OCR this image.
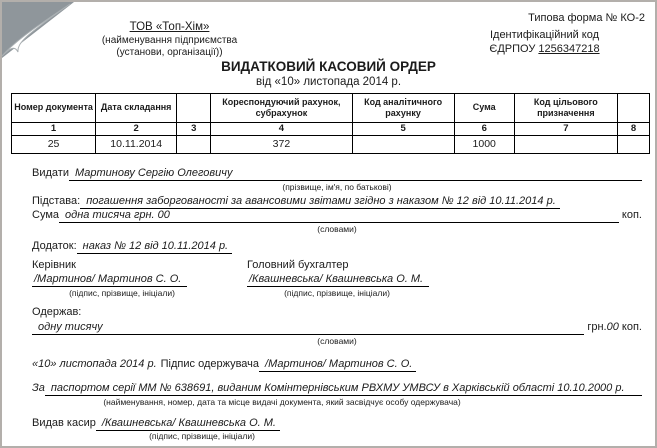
ТОВ «Топ-Хім»
(найменування підприємства
(установи, організації))
Типова форма № КО-2
Ідентифікаційний код
ЄДРПОУ 1256347218
ВИДАТКОВИЙ КАСОВИЙ ОРДЕР
від «10» листопада 2014 р.
Номер документа	Дата складання		Кореспондуючий рахунок, субрахунок	Код аналітичного рахунку	Сума	Код цільового призначення	
1	2	3	4	5	6	7	8
25	10.11.2014		372		1000		
Видати Мартинову Сергію Олеговичу
(прізвище, ім'я, по батькові)
Підстава: погашення заборгованості за авансовими звітами згідно з наказом № 12 від 10.11.2014 р.
Сума одна тисяча грн. 00	коп.
(словами)
Додаток: наказ № 12 від 10.11.2014 р.
Керівник
/Мартинов/ Мартинов С. О.
(підпис, прізвище, ініціали)
Головний бухгалтер
/Квашневська/ Квашневська О. М.
(підпис, прізвище, ініціали)
Одержав:
одну тисячу	грн.00 коп.
(словами)
«10» листопада 2014 р. Підпис одержувача /Мартинов/ Мартинов С. О.
За паспортом серії ММ № 638691, виданим Комінтернівським РВХМУ УМВСУ в Харківській області 10.10.2000 р.
(найменування, номер, дата та місце видачі документа, який засвідчує особу одержувача)
Видав касир /Квашневська/ Квашневська О. М.
(підпис, прізвище, ініціали)
